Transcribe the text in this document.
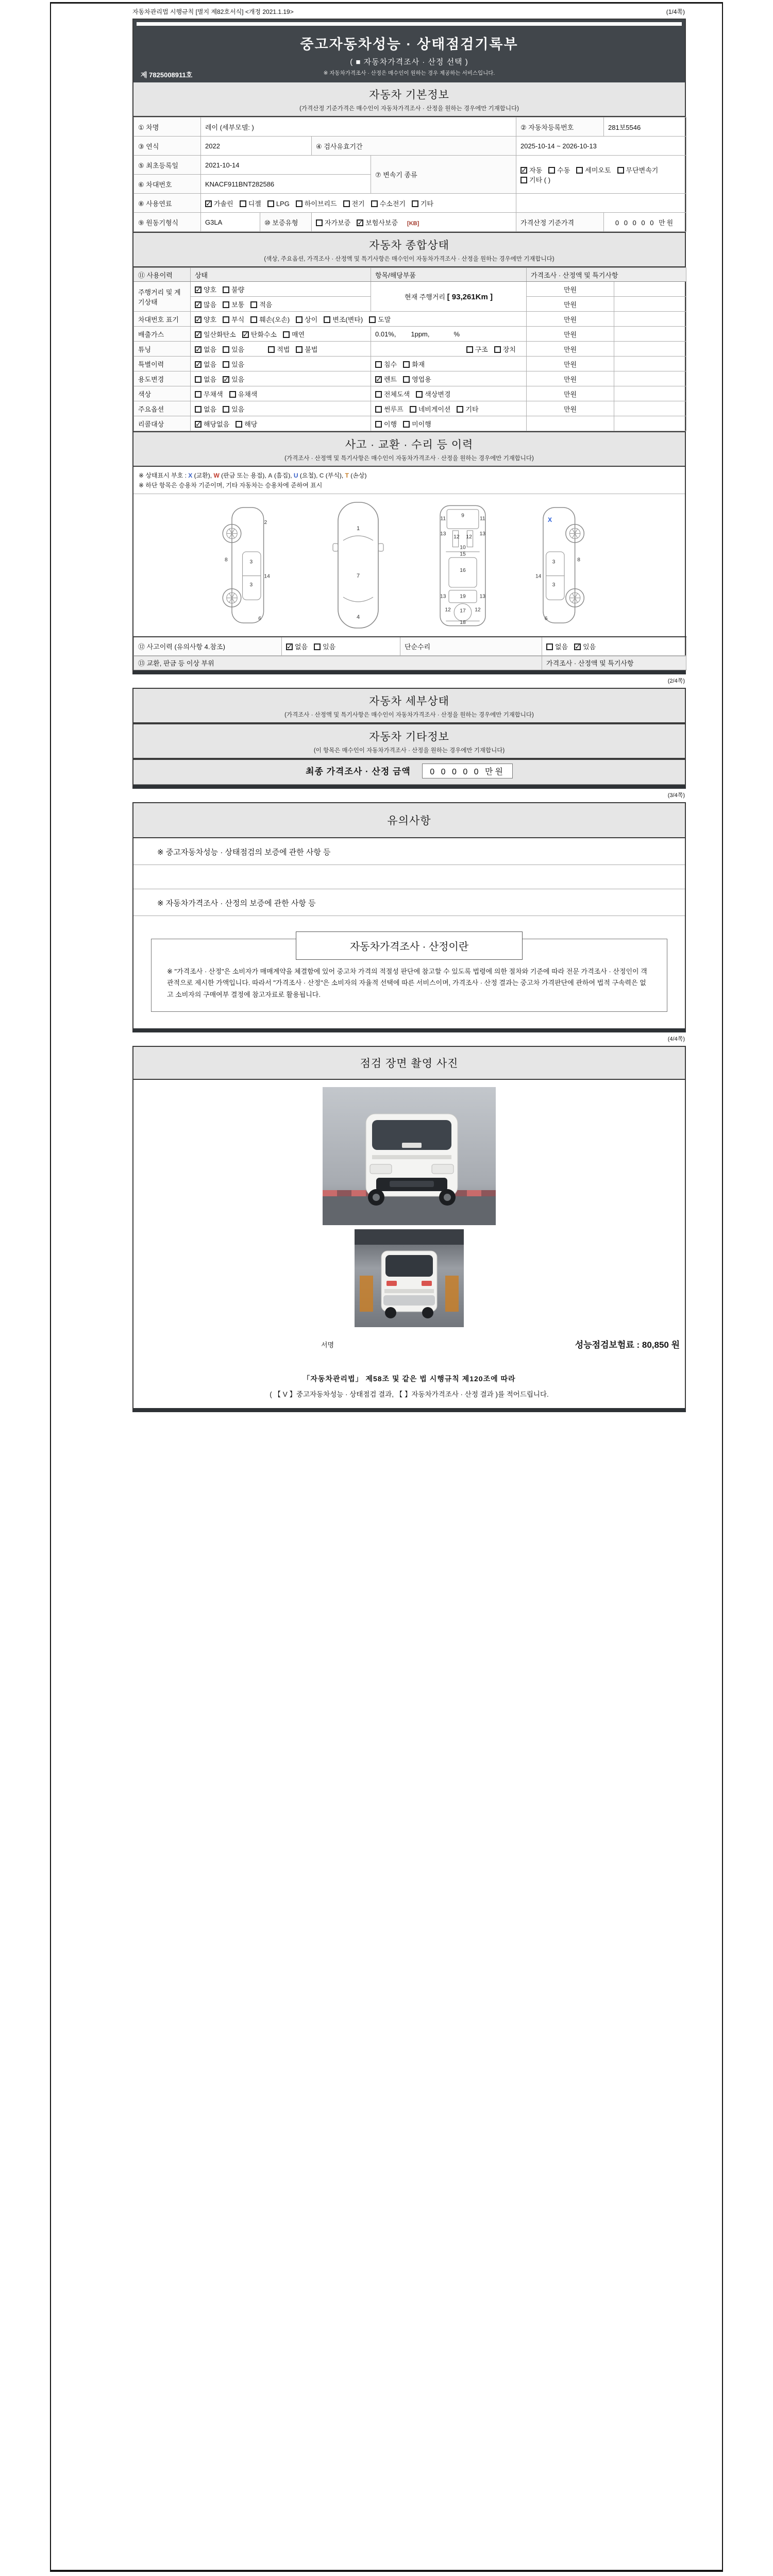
자동차관리법 시행규칙 [별지 제82호서식] <개정 2021.1.19>	(1/4쪽)
중고자동차성능 · 상태점검기록부
( ■ 자동차가격조사 · 산정 선택 )
※ 자동차가격조사 · 산정은 매수인이 원하는 경우 제공하는 서비스입니다.
제 7825008911호
자동차 기본정보
(가격산정 기준가격은 매수인이 자동차가격조사 · 산정을 원하는 경우에만 기재합니다)
① 차명	레이 (세부모델: )				② 자동차등록번호	281보5546
③ 연식	2022		④ 검사유효기간		2025-10-14 ~ 2026-10-13	
⑤ 최초등록일	2021-10-14			⑦ 변속기 종류	✓자동 수동 세미오토 무단변속기기타 ( )
⑥ 차대번호	KNACF911BNT282586					
⑧ 사용연료	✓가솔린 디젤 LPG 하이브리드 전기 수소전기 기타	
⑨ 원동기형식	G3LA	⑩ 보증유형	자가보증 ✓ 보험사보증 [KB]		가격산정 기준가격	0 0 0 0 0 만원
자동차 종합상태
(색상, 주요옵션, 가격조사 · 산정액 및 특기사항은 매수인이 자동차가격조사 · 산정을 원하는 경우에만 기재합니다)
⑪ 사용이력	상태	항목/해당부품	가격조사 · 산정액 및 특기사항	
주행거리 및 계기상태	✓양호 불량	현재 주행거리 [ 93,261Km ]	만원	
✓많음 보통 적음		만원	
차대번호 표기	✓양호 부식 훼손(오손) 상이 변조(변타) 도말		만원	
배출가스	✓일산화탄소 ✓ 탄화수소 매연	0.01%,        1ppm,             %	만원	
튜닝	✓없음 있음 적법 불법	구조 장치	만원	
특별이력	✓없음 있음	침수 화재	만원	
용도변경	없음 ✓ 있음	✓렌트 영업용	만원	
색상	무채색 유채색	전체도색 색상변경	만원	
주요옵션	없음 있음	썬루프 네비게이션 기타	만원	
리콜대상	✓해당없음 해당	이행 미이행		
사고 · 교환 · 수리 등 이력
(가격조사 · 산정액 및 특기사항은 매수인이 자동차가격조사 · 산정을 원하는 경우에만 기재합니다)
※ 상태표시 부호 : X (교환), W (판금 또는 용접), A (흠집), U (요철), C (부식), T (손상)
※ 하단 항목은 승용차 기준이며, 기타 자동차는 승용차에 준하여 표시
2
8	3
14
3
6
1
7
4
11
9
11
13
12 12
13
10
15
16
13 19 13
12 17 12
18
X
3	8
14
3
6
⑫ 사고이력 (유의사항 4.참조)	✓없음 있음	단순수리	없음 ✓ 있음
⑬ 교환, 판금 등 이상 부위	가격조사 · 산정액 및 특기사항
(2/4쪽)
자동차 세부상태
(가격조사 · 산정액 및 특기사항은 매수인이 자동차가격조사 · 산정을 원하는 경우에만 기재합니다)
자동차 기타정보
(이 항목은 매수인이 자동차가격조사 · 산정을 원하는 경우에만 기재합니다)
최종 가격조사 · 산정 금액 0 0 0 0 0 만원
(3/4쪽)
유의사항
※ 중고자동차성능 · 상태점검의 보증에 관한 사항 등
※ 자동차가격조사 · 산정의 보증에 관한 사항 등
자동차가격조사 · 산정이란
※ "가격조사 · 산정"은 소비자가 매매계약을 체결함에 있어 중고차 가격의 적절성 판단에 참고할 수 있도록 법령에 의한 절차와 기준에 따라 전문 가격조사 · 산정인이 객관적으로 제시한 가액입니다. 따라서 "가격조사 · 산정"은 소비자의 자율적 선택에 따른 서비스이며, 가격조사 · 산정 결과는 중고차 가격판단에 관하여 법적 구속력은 없고 소비자의 구매여부 결정에 참고자료로 활용됩니다.
(4/4쪽)
점검 장면 촬영 사진
서명	성능점검보험료 : 80,850 원
「자동차관리법」 제58조 및 같은 법 시행규칙 제120조에 따라
( 【 V 】중고자동차성능 · 상태점검 결과, 【 】자동차가격조사 · 산정 결과 )를 적어드립니다.
